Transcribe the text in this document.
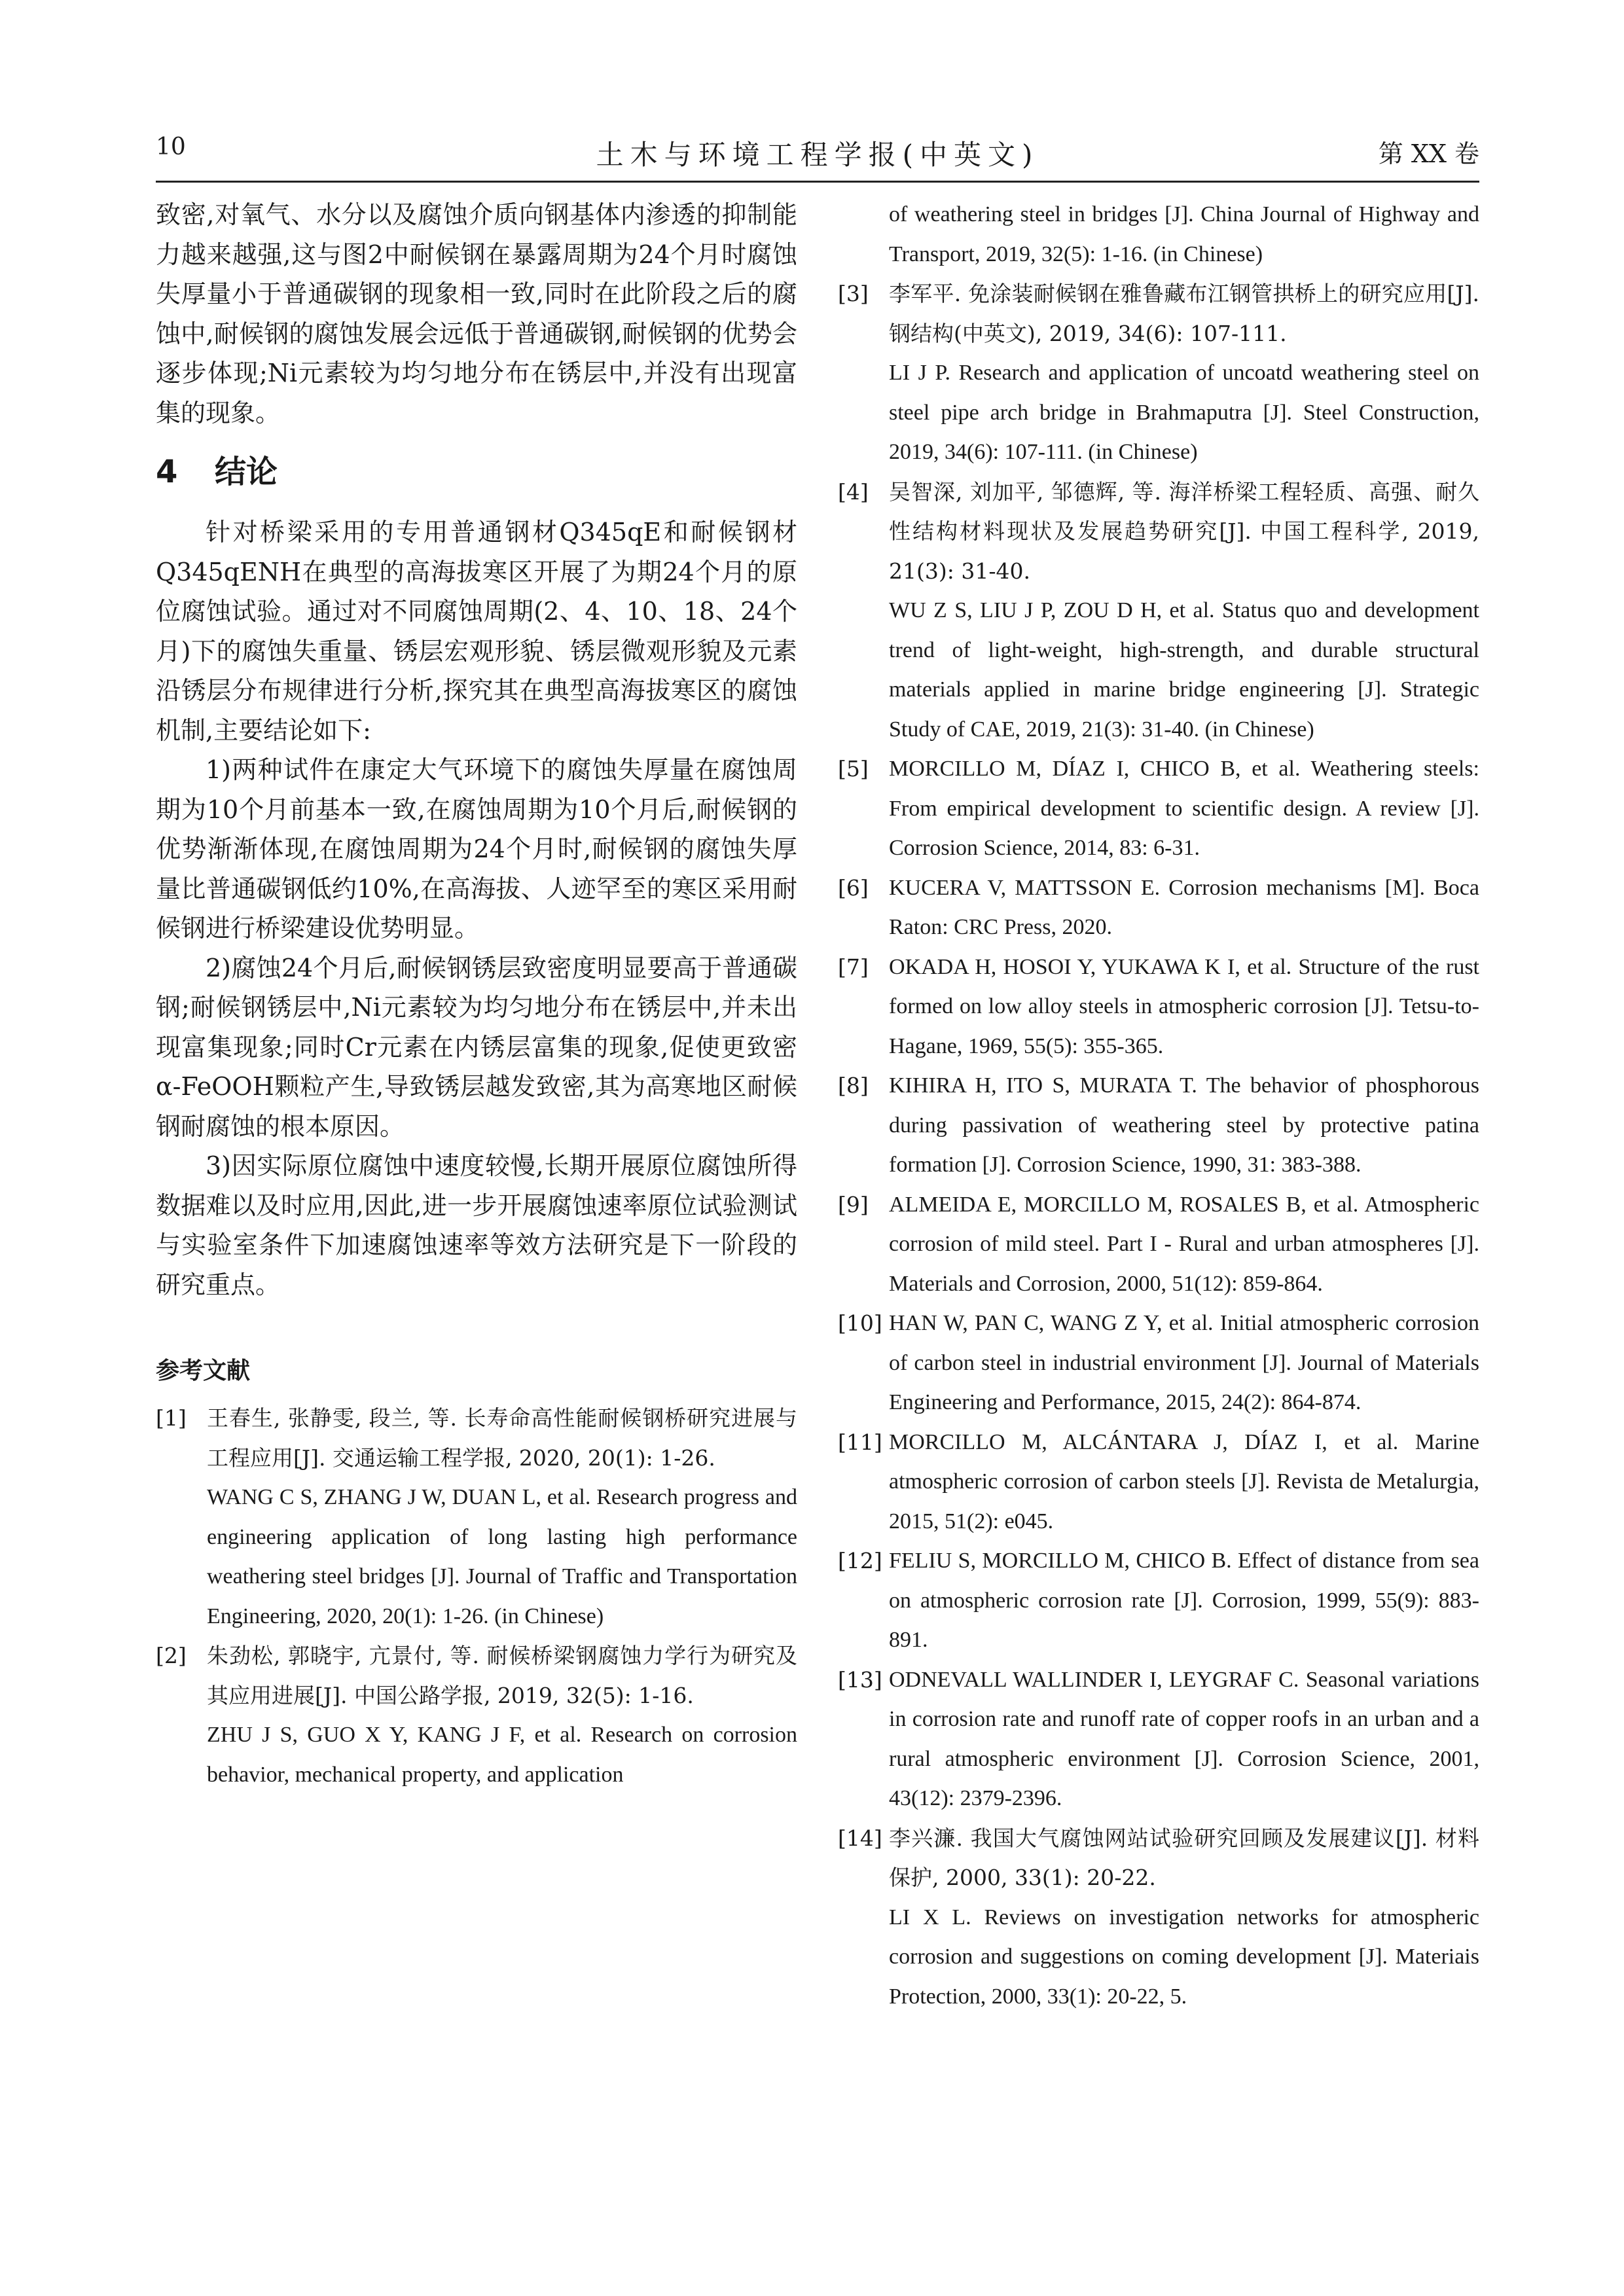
10	土木与环境工程学报(中英文)	第 XX 卷

致密,对氧气、水分以及腐蚀介质向钢基体内渗透的抑制能力越来越强,这与图2中耐候钢在暴露周期为24个月时腐蚀失厚量小于普通碳钢的现象相一致,同时在此阶段之后的腐蚀中,耐候钢的腐蚀发展会远低于普通碳钢,耐候钢的优势会逐步体现;Ni元素较为均匀地分布在锈层中,并没有出现富集的现象。

4 结论

针对桥梁采用的专用普通钢材Q345qE和耐候钢材Q345qENH在典型的高海拔寒区开展了为期24个月的原位腐蚀试验。通过对不同腐蚀周期(2、4、10、18、24个月)下的腐蚀失重量、锈层宏观形貌、锈层微观形貌及元素沿锈层分布规律进行分析,探究其在典型高海拔寒区的腐蚀机制,主要结论如下:

1)两种试件在康定大气环境下的腐蚀失厚量在腐蚀周期为10个月前基本一致,在腐蚀周期为10个月后,耐候钢的优势渐渐体现,在腐蚀周期为24个月时,耐候钢的腐蚀失厚量比普通碳钢低约10%,在高海拔、人迹罕至的寒区采用耐候钢进行桥梁建设优势明显。

2)腐蚀24个月后,耐候钢锈层致密度明显要高于普通碳钢;耐候钢锈层中,Ni元素较为均匀地分布在锈层中,并未出现富集现象;同时Cr元素在内锈层富集的现象,促使更致密α-FeOOH颗粒产生,导致锈层越发致密,其为高寒地区耐候钢耐腐蚀的根本原因。

3)因实际原位腐蚀中速度较慢,长期开展原位腐蚀所得数据难以及时应用,因此,进一步开展腐蚀速率原位试验测试与实验室条件下加速腐蚀速率等效方法研究是下一阶段的研究重点。

参考文献
[1] 王春生, 张静雯, 段兰, 等. 长寿命高性能耐候钢桥研究进展与工程应用[J]. 交通运输工程学报, 2020, 20(1): 1-26.
WANG C S, ZHANG J W, DUAN L, et al. Research progress and engineering application of long lasting high performance weathering steel bridges [J]. Journal of Traffic and Transportation Engineering, 2020, 20(1): 1-26. (in Chinese)
[2] 朱劲松, 郭晓宇, 亢景付, 等. 耐候桥梁钢腐蚀力学行为研究及其应用进展[J]. 中国公路学报, 2019, 32(5): 1-16.
ZHU J S, GUO X Y, KANG J F, et al. Research on corrosion behavior, mechanical property, and application

of weathering steel in bridges [J]. China Journal of Highway and Transport, 2019, 32(5): 1-16. (in Chinese)

[3] 李军平. 免涂装耐候钢在雅鲁藏布江钢管拱桥上的研究应用[J]. 钢结构(中英文), 2019, 34(6): 107-111.
LI J P. Research and application of uncoatd weathering steel on steel pipe arch bridge in Brahmaputra [J]. Steel Construction, 2019, 34(6): 107-111. (in Chinese)
[4] 吴智深, 刘加平, 邹德辉, 等. 海洋桥梁工程轻质、高强、耐久性结构材料现状及发展趋势研究[J]. 中国工程科学, 2019, 21(3): 31-40.
WU Z S, LIU J P, ZOU D H, et al. Status quo and development trend of light-weight, high-strength, and durable structural materials applied in marine bridge engineering [J]. Strategic Study of CAE, 2019, 21(3): 31-40. (in Chinese)
[5] MORCILLO M, DÍAZ I, CHICO B, et al. Weathering steels: From empirical development to scientific design. A review [J]. Corrosion Science, 2014, 83: 6-31.
[6] KUCERA V, MATTSSON E. Corrosion mechanisms [M]. Boca Raton: CRC Press, 2020.
[7] OKADA H, HOSOI Y, YUKAWA K I, et al. Structure of the rust formed on low alloy steels in atmospheric corrosion [J]. Tetsu-to-Hagane, 1969, 55(5): 355-365.
[8] KIHIRA H, ITO S, MURATA T. The behavior of phosphorous during passivation of weathering steel by protective patina formation [J]. Corrosion Science, 1990, 31: 383-388.
[9] ALMEIDA E, MORCILLO M, ROSALES B, et al. Atmospheric corrosion of mild steel. Part I - Rural and urban atmospheres [J]. Materials and Corrosion, 2000, 51(12): 859-864.
[10] HAN W, PAN C, WANG Z Y, et al. Initial atmospheric corrosion of carbon steel in industrial environment [J]. Journal of Materials Engineering and Performance, 2015, 24(2): 864-874.
[11] MORCILLO M, ALCÁNTARA J, DÍAZ I, et al. Marine atmospheric corrosion of carbon steels [J]. Revista de Metalurgia, 2015, 51(2): e045.
[12] FELIU S, MORCILLO M, CHICO B. Effect of distance from sea on atmospheric corrosion rate [J]. Corrosion, 1999, 55(9): 883-891.
[13] ODNEVALL WALLINDER I, LEYGRAF C. Seasonal variations in corrosion rate and runoff rate of copper roofs in an urban and a rural atmospheric environment [J]. Corrosion Science, 2001, 43(12): 2379-2396.
[14] 李兴濂. 我国大气腐蚀网站试验研究回顾及发展建议[J]. 材料保护, 2000, 33(1): 20-22.
LI X L. Reviews on investigation networks for atmospheric corrosion and suggestions on coming development [J]. Materiais Protection, 2000, 33(1): 20-22, 5.
